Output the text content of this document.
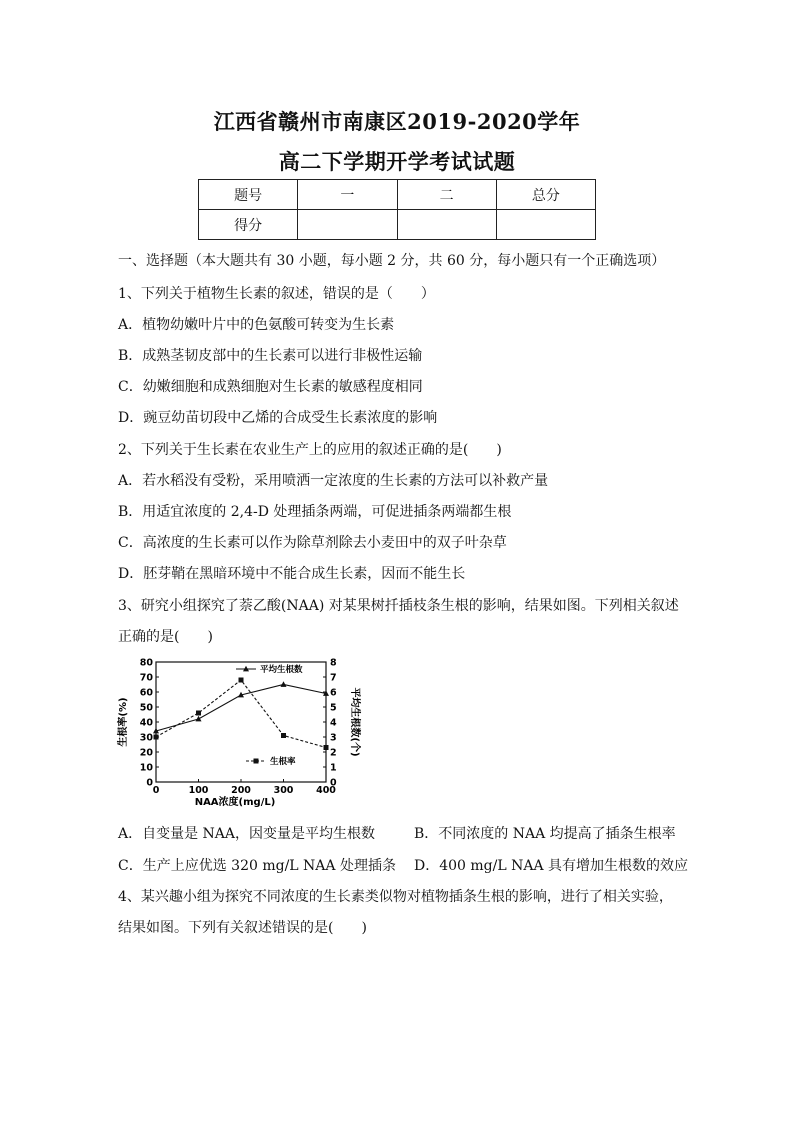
江西省赣州市南康区2019-2020学年
高二下学期开学考试试题
题号	一	二	总分
得分			
一、选择题（本大题共有 30 小题，每小题 2 分，共 60 分，每小题只有一个正确选项）
1、下列关于植物生长素的叙述，错误的是（　　）
A．植物幼嫩叶片中的色氨酸可转变为生长素
B．成熟茎韧皮部中的生长素可以进行非极性运输
C．幼嫩细胞和成熟细胞对生长素的敏感程度相同
D．豌豆幼苗切段中乙烯的合成受生长素浓度的影响
2、下列关于生长素在农业生产上的应用的叙述正确的是(　　)
A．若水稻没有受粉，采用喷洒一定浓度的生长素的方法可以补救产量
B．用适宜浓度的 2,4-D 处理插条两端，可促进插条两端都生根
C．高浓度的生长素可以作为除草剂除去小麦田中的双子叶杂草
D．胚芽鞘在黑暗环境中不能合成生长素，因而不能生长
3、研究小组探究了萘乙酸(NAA) 对某果树扦插枝条生根的影响，结果如图。下列相关叙述
正确的是(　　)
0	100 200 300 400
0
10
20
30
40
50
60
70
80
0
1
2
3
4
5
6
7
8
NAA浓度(mg/L)
生根率(%)	平均生根数(个)
平均生根数
生根率
A．自变量是 NAA，因变量是平均生根数	B．不同浓度的 NAA 均提高了插条生根率
C．生产上应优选 320 mg/L NAA 处理插条 D．400 mg/L NAA 具有增加生根数的效应
4、某兴趣小组为探究不同浓度的生长素类似物对植物插条生根的影响，进行了相关实验，
结果如图。下列有关叙述错误的是(　　)
